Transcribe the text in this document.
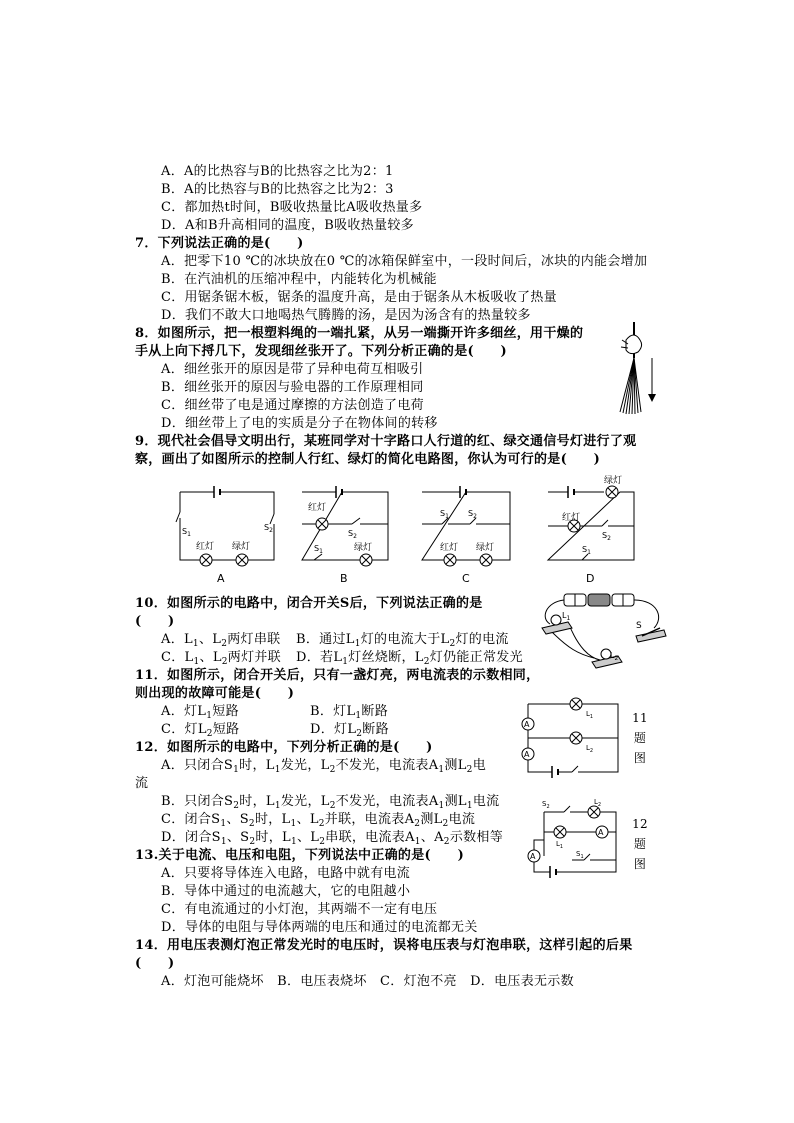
A．A的比热容与B的比热容之比为2：1
B．A的比热容与B的比热容之比为2：3
C．都加热t时间，B吸收热量比A吸收热量多
D．A和B升高相同的温度，B吸收热量较多
7．下列说法正确的是(　　)
A．把零下10 ℃的冰块放在0 ℃的冰箱保鲜室中，一段时间后，冰块的内能会增加
B．在汽油机的压缩冲程中，内能转化为机械能
C．用锯条锯木板，锯条的温度升高，是由于锯条从木板吸收了热量
D．我们不敢大口地喝热气腾腾的汤，是因为汤含有的热量较多
8．如图所示，把一根塑料绳的一端扎紧，从另一端撕开许多细丝，用干燥的
手从上向下捋几下，发现细丝张开了。下列分析正确的是(　　)
A．细丝张开的原因是带了异种电荷互相吸引
B．细丝张开的原因与验电器的工作原理相同
C．细丝带了电是通过摩擦的方法创造了电荷
D．细丝带上了电的实质是分子在物体间的转移
9．现代社会倡导文明出行，某班同学对十字路口人行道的红、绿交通信号灯进行了观
察，画出了如图所示的控制人行红、绿灯的简化电路图，你认为可行的是(　　)
$S_1$
$S_2$
红灯 绿灯
A
红灯
$S_2$
$S_1$	绿灯
B
$S_1$ $S_2$
红灯 绿灯
C
绿灯
红灯
$S_2$
$S_1$
D
10．如图所示的电路中，闭合开关S后，下列说法正确的是
(　　)
A．$L_1$、$L_2$两灯串联 B．通过$L_1$灯的电流大于$L_2$灯的电流
C．$L_1$、$L_2$两灯并联 D．若$L_1$灯丝烧断，$L_2$灯仍能正常发光
$L_1$
$L_2$
S
11．如图所示，闭合开关后，只有一盏灯亮，两电流表的示数相同，
则出现的故障可能是(　　)
A．灯$L_1$短路	B．灯$L_1$断路
C．灯$L_2$短路	D．灯$L_2$断路
$L_1$
$L_2$
A
A
11
题
图
12．如图所示的电路中，下列分析正确的是(　　)
A．只闭合$S_1$时，$L_1$发光，$L_2$不发光，电流表$A_1$测$L_2$电
流
B．只闭合$S_2$时，$L_1$发光，$L_2$不发光，电流表$A_1$测$L_1$电流
C．闭合$S_1$、$S_2$时，$L_1$、$L_2$并联，电流表$A_2$测$L_2$电流
D．闭合$S_1$、$S_2$时，$L_1$、$L_2$串联，电流表$A_1$、$A_2$示数相等
$S_2$
$L_2$
$L_1$
A
A	$S_1$
12
题
图
13.关于电流、电压和电阻，下列说法中正确的是(　　)
A．只要将导体连入电路，电路中就有电流
B．导体中通过的电流越大，它的电阻越小
C．有电流通过的小灯泡，其两端不一定有电压
D．导体的电阻与导体两端的电压和通过的电流都无关
14．用电压表测灯泡正常发光时的电压时，误将电压表与灯泡串联，这样引起的后果
(　　)
A．灯泡可能烧坏　B．电压表烧坏　C．灯泡不亮　D．电压表无示数
